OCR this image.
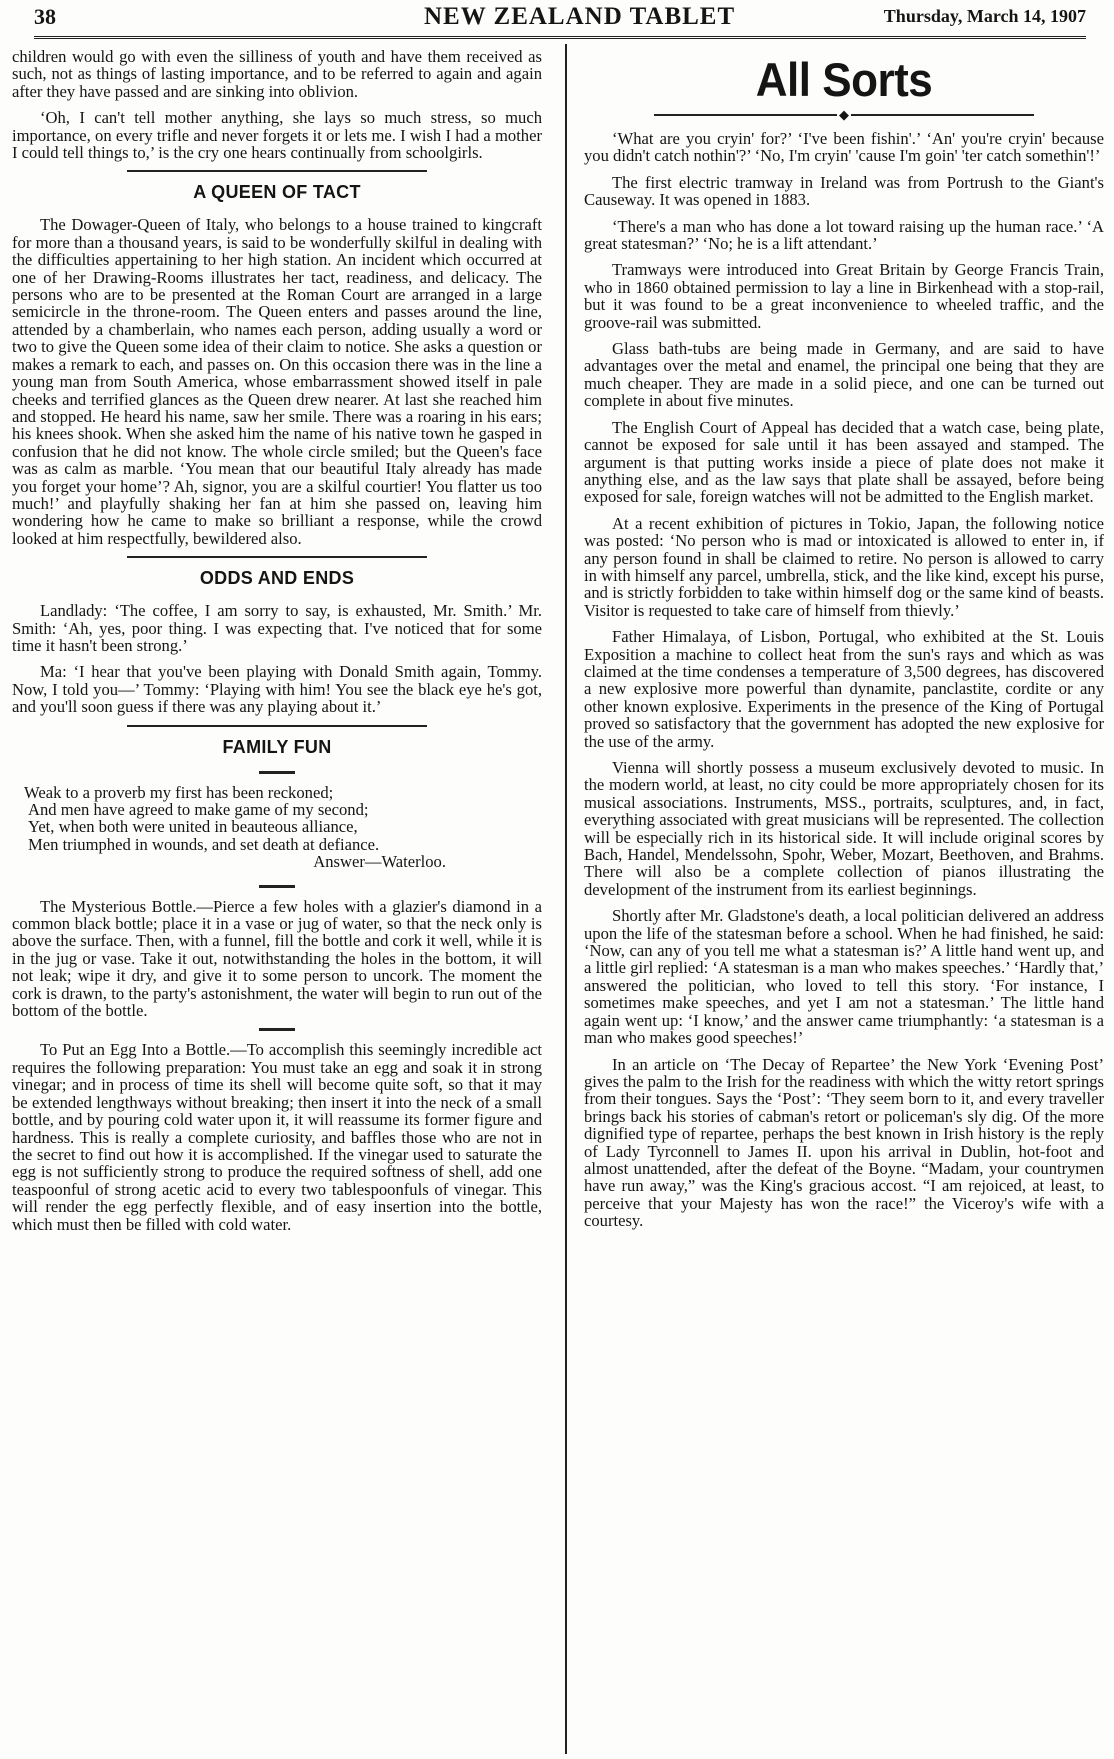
38	NEW ZEALAND TABLET	Thursday, March 14, 1907

children would go with even the silliness of youth and have them received as such, not as things of lasting importance, and to be referred to again and again after they have passed and are sinking into oblivion.

‘Oh, I can't tell mother anything, she lays so much stress, so much importance, on every trifle and never forgets it or lets me. I wish I had a mother I could tell things to,’ is the cry one hears continually from schoolgirls.

A QUEEN OF TACT

The Dowager-Queen of Italy, who belongs to a house trained to kingcraft for more than a thousand years, is said to be wonderfully skilful in dealing with the difficulties appertaining to her high station. An incident which occurred at one of her Drawing-Rooms illustrates her tact, readiness, and delicacy. The persons who are to be presented at the Roman Court are arranged in a large semicircle in the throne-room. The Queen enters and passes around the line, attended by a chamberlain, who names each person, adding usually a word or two to give the Queen some idea of their claim to notice. She asks a question or makes a remark to each, and passes on. On this occasion there was in the line a young man from South America, whose embarrassment showed itself in pale cheeks and terrified glances as the Queen drew nearer. At last she reached him and stopped. He heard his name, saw her smile. There was a roaring in his ears; his knees shook. When she asked him the name of his native town he gasped in confusion that he did not know. The whole circle smiled; but the Queen's face was as calm as marble. ‘You mean that our beautiful Italy already has made you forget your home’? Ah, signor, you are a skilful courtier! You flatter us too much!’ and playfully shaking her fan at him she passed on, leaving him wondering how he came to make so brilliant a response, while the crowd looked at him respectfully, bewildered also.

ODDS AND ENDS

Landlady: ‘The coffee, I am sorry to say, is exhausted, Mr. Smith.’ Mr. Smith: ‘Ah, yes, poor thing. I was expecting that. I've noticed that for some time it hasn't been strong.’

Ma: ‘I hear that you've been playing with Donald Smith again, Tommy. Now, I told you—’ Tommy: ‘Playing with him! You see the black eye he's got, and you'll soon guess if there was any playing about it.’

FAMILY FUN
Weak to a proverb my first has been reckoned;
And men have agreed to make game of my second;
Yet, when both were united in beauteous alliance,
Men triumphed in wounds, and set death at defiance.
Answer—Waterloo.

The Mysterious Bottle.—Pierce a few holes with a glazier's diamond in a common black bottle; place it in a vase or jug of water, so that the neck only is above the surface. Then, with a funnel, fill the bottle and cork it well, while it is in the jug or vase. Take it out, notwithstanding the holes in the bottom, it will not leak; wipe it dry, and give it to some person to uncork. The moment the cork is drawn, to the party's astonishment, the water will begin to run out of the bottom of the bottle.

To Put an Egg Into a Bottle.—To accomplish this seemingly incredible act requires the following preparation: You must take an egg and soak it in strong vinegar; and in process of time its shell will become quite soft, so that it may be extended lengthways without breaking; then insert it into the neck of a small bottle, and by pouring cold water upon it, it will reassume its former figure and hardness. This is really a complete curiosity, and baffles those who are not in the secret to find out how it is accomplished. If the vinegar used to saturate the egg is not sufficiently strong to produce the required softness of shell, add one teaspoonful of strong acetic acid to every two tablespoonfuls of vinegar. This will render the egg perfectly flexible, and of easy insertion into the bottle, which must then be filled with cold water.

All Sorts
◆

‘What are you cryin' for?’ ‘I've been fishin'.’ ‘An' you're cryin' because you didn't catch nothin'?’ ‘No, I'm cryin' 'cause I'm goin' 'ter catch somethin'!’

The first electric tramway in Ireland was from Portrush to the Giant's Causeway. It was opened in 1883.

‘There's a man who has done a lot toward raising up the human race.’ ‘A great statesman?’ ‘No; he is a lift attendant.’

Tramways were introduced into Great Britain by George Francis Train, who in 1860 obtained permission to lay a line in Birkenhead with a stop-rail, but it was found to be a great inconvenience to wheeled traffic, and the groove-rail was submitted.

Glass bath-tubs are being made in Germany, and are said to have advantages over the metal and enamel, the principal one being that they are much cheaper. They are made in a solid piece, and one can be turned out complete in about five minutes.

The English Court of Appeal has decided that a watch case, being plate, cannot be exposed for sale until it has been assayed and stamped. The argument is that putting works inside a piece of plate does not make it anything else, and as the law says that plate shall be assayed, before being exposed for sale, foreign watches will not be admitted to the English market.

At a recent exhibition of pictures in Tokio, Japan, the following notice was posted: ‘No person who is mad or intoxicated is allowed to enter in, if any person found in shall be claimed to retire. No person is allowed to carry in with himself any parcel, umbrella, stick, and the like kind, except his purse, and is strictly forbidden to take within himself dog or the same kind of beasts. Visitor is requested to take care of himself from thievly.’

Father Himalaya, of Lisbon, Portugal, who exhibited at the St. Louis Exposition a machine to collect heat from the sun's rays and which as was claimed at the time condenses a temperature of 3,500 degrees, has discovered a new explosive more powerful than dynamite, panclastite, cordite or any other known explosive. Experiments in the presence of the King of Portugal proved so satisfactory that the government has adopted the new explosive for the use of the army.

Vienna will shortly possess a museum exclusively devoted to music. In the modern world, at least, no city could be more appropriately chosen for its musical associations. Instruments, MSS., portraits, sculptures, and, in fact, everything associated with great musicians will be represented. The collection will be especially rich in its historical side. It will include original scores by Bach, Handel, Mendelssohn, Spohr, Weber, Mozart, Beethoven, and Brahms. There will also be a complete collection of pianos illustrating the development of the instrument from its earliest beginnings.

Shortly after Mr. Gladstone's death, a local politician delivered an address upon the life of the statesman before a school. When he had finished, he said: ‘Now, can any of you tell me what a statesman is?’ A little hand went up, and a little girl replied: ‘A statesman is a man who makes speeches.’ ‘Hardly that,’ answered the politician, who loved to tell this story. ‘For instance, I sometimes make speeches, and yet I am not a statesman.’ The little hand again went up: ‘I know,’ and the answer came triumphantly: ‘a statesman is a man who makes good speeches!’

In an article on ‘The Decay of Repartee’ the New York ‘Evening Post’ gives the palm to the Irish for the readiness with which the witty retort springs from their tongues. Says the ‘Post’: ‘They seem born to it, and every traveller brings back his stories of cabman's retort or policeman's sly dig. Of the more dignified type of repartee, perhaps the best known in Irish history is the reply of Lady Tyrconnell to James II. upon his arrival in Dublin, hot-foot and almost unattended, after the defeat of the Boyne. “Madam, your countrymen have run away,” was the King's gracious accost. “I am rejoiced, at least, to perceive that your Majesty has won the race!” the Viceroy's wife with a courtesy.
